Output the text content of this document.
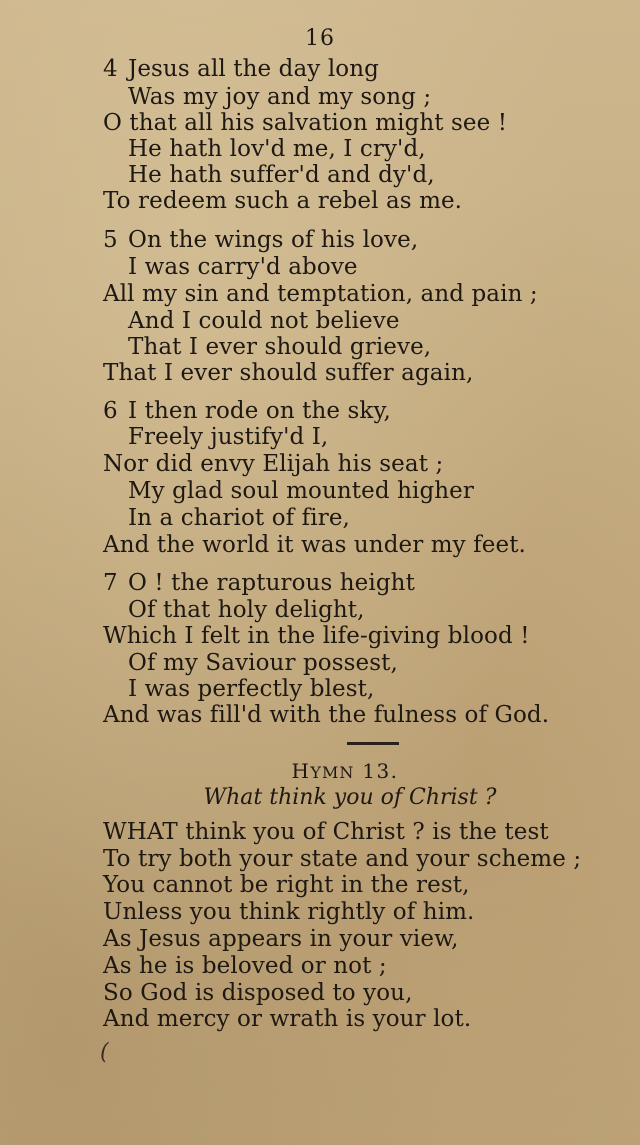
16
4 Jesus all the day long
Was my joy and my song ;
O that all his salvation might see !
He hath lov'd me, I cry'd,
He hath suffer'd and dy'd,
To redeem such a rebel as me.
5 On the wings of his love,
I was carry'd above
All my sin and temptation, and pain ;
And I could not believe
That I ever should grieve,
That I ever should suffer again,
6 I then rode on the sky,
Freely justify'd I,
Nor did envy Elijah his seat ;
My glad soul mounted higher
In a chariot of fire,
And the world it was under my feet.
7 O ! the rapturous height
Of that holy delight,
Which I felt in the life-giving blood !
Of my Saviour possest,
I was perfectly blest,
And was fill'd with the fulness of God.
HYMN 13.
What think you of Christ ?
WHAT think you of Christ ? is the test
To try both your state and your scheme ;
You cannot be right in the rest,
Unless you think rightly of him.
As Jesus appears in your view,
As he is beloved or not ;
So God is disposed to you,
And mercy or wrath is your lot.
(
